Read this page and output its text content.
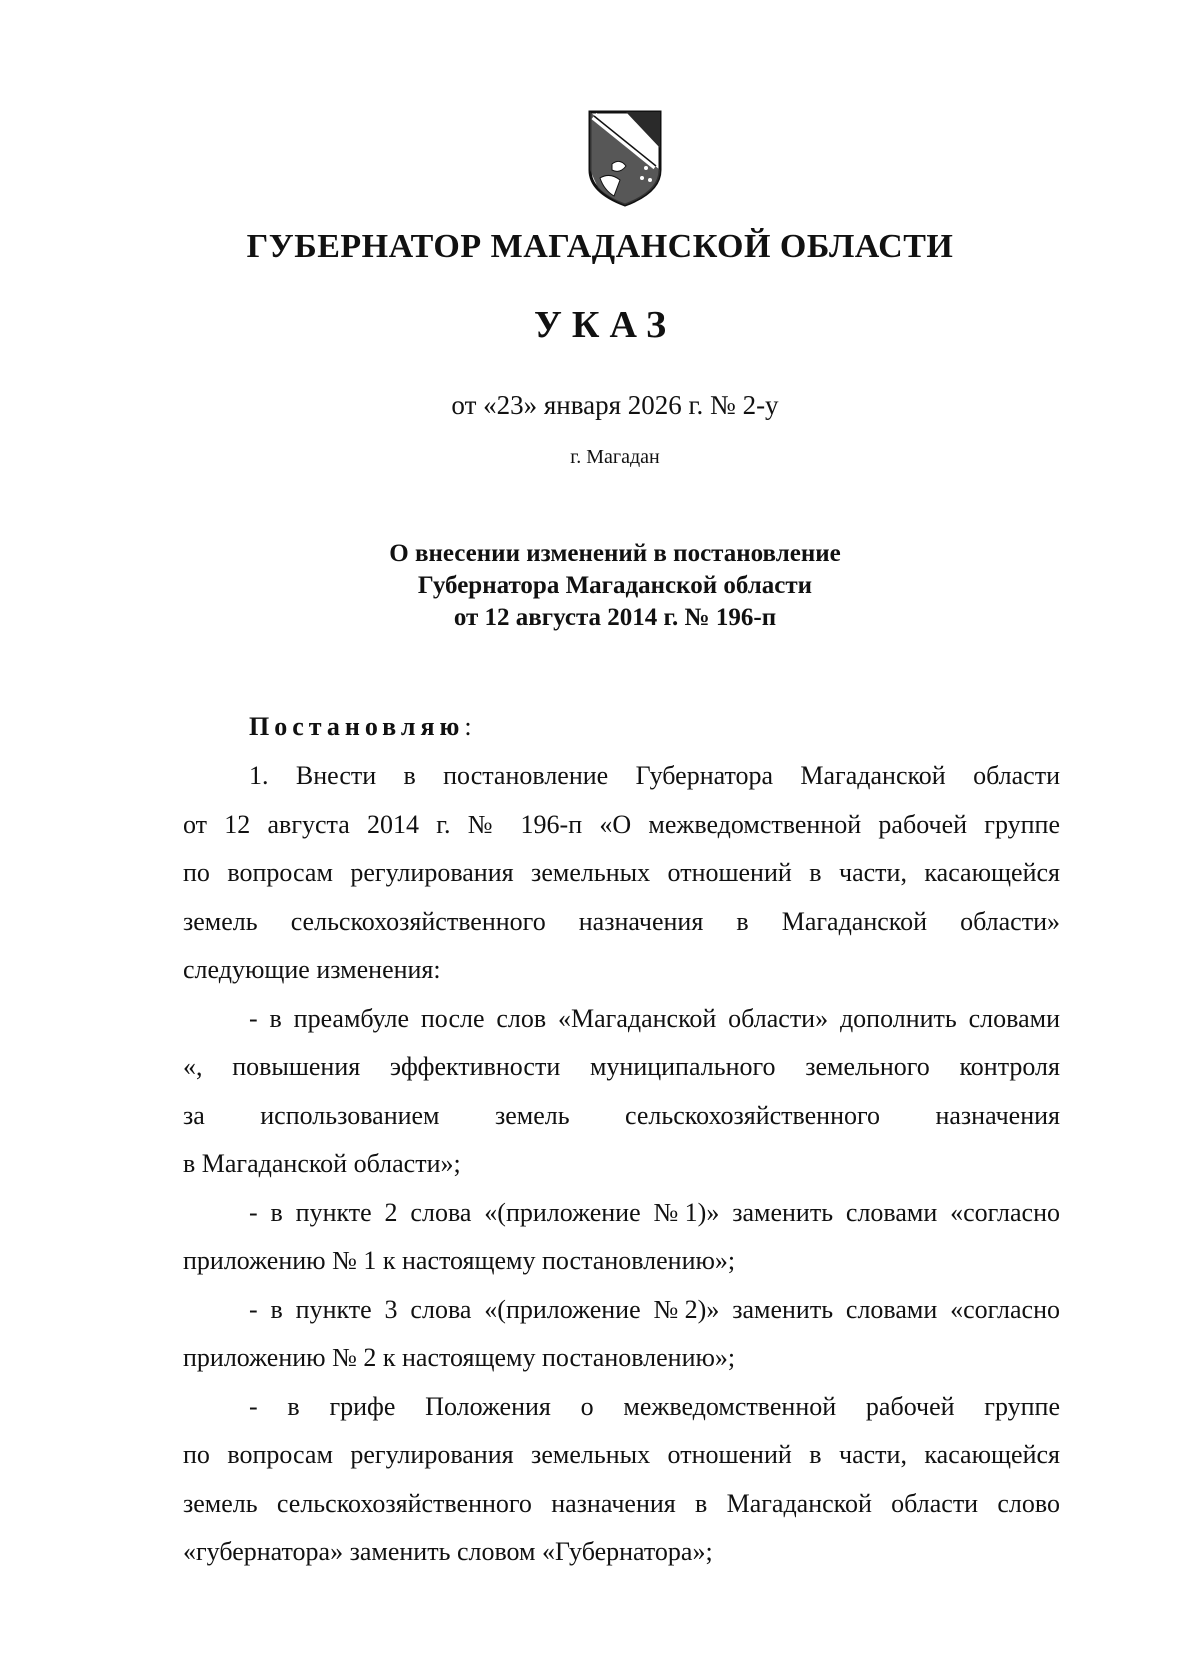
ГУБЕРНАТОР МАГАДАНСКОЙ ОБЛАСТИ
УКАЗ
от «23» января 2026 г. № 2-у
г. Магадан
О внесении изменений в постановление
Губернатора Магаданской области
от 12 августа 2014 г. № 196-п
Постановляю:
1. Внести в постановление Губернатора Магаданской области
от 12 августа 2014 г. № 196-п «О межведомственной рабочей группе
по вопросам регулирования земельных отношений в части, касающейся
земель сельскохозяйственного назначения в Магаданской области»
следующие изменения:
- в преамбуле после слов «Магаданской области» дополнить словами
«, повышения эффективности муниципального земельного контроля
за использованием земель сельскохозяйственного назначения
в Магаданской области»;
- в пункте 2 слова «(приложение №1)» заменить словами «согласно
приложению № 1 к настоящему постановлению»;
- в пункте 3 слова «(приложение №2)» заменить словами «согласно
приложению № 2 к настоящему постановлению»;
- в грифе Положения о межведомственной рабочей группе
по вопросам регулирования земельных отношений в части, касающейся
земель сельскохозяйственного назначения в Магаданской области слово
«губернатора» заменить словом «Губернатора»;
